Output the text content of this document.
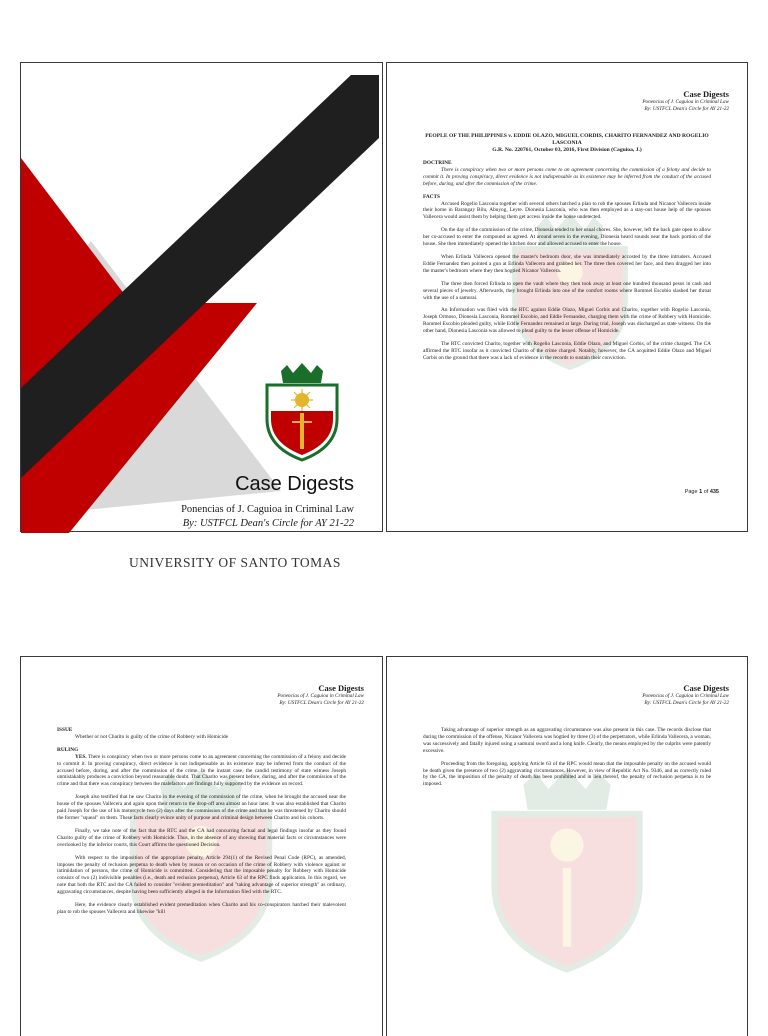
Case Digests
Ponencias of J. Caguioa in Criminal Law
By: USTFCL Dean's Circle for AY 21-22
UNIVERSITY OF SANTO TOMAS
Case Digests
Ponencias of J. Caguioa in Criminal Law
By: USTFCL Dean's Circle for AY 21-22
PEOPLE OF THE PHILIPPINES v. EDDIE OLAZO, MIGUEL CORDIS, CHARITO FERNANDEZ AND ROGELIO LASCONIA
G.R. No. 220761, October 03, 2016, First Division (Caguioa, J.)

DOCTRINE

There is conspiracy when two or more persons come to an agreement concerning the commission of a felony and decide to commit it. In proving conspiracy, direct evidence is not indispensable as its existence may be inferred from the conduct of the accused before, during, and after the commission of the crime.

FACTS

Accused Rogelio Lasconia together with several others hatched a plan to rob the spouses Erlinda and Nicanor Vallecera inside their home in Barangay Bilu, Abuyog, Leyte. Dionesia Lasconia, who was then employed as a stay-out house help of the spouses Vallecera would assist them by helping them get access inside the house undetected.

On the day of the commission of the crime, Dionesia tended to her usual chores. She, however, left the back gate open to allow her co-accused to enter the compound as agreed. At around seven in the evening, Dionesia heard sounds near the back portion of the house. She then immediately opened the kitchen door and allowed accused to enter the house.

When Erlinda Vallecera opened the master's bedroom door, she was immediately accosted by the three intruders. Accused Eddie Fernandez then pointed a gun at Erlinda Vallecera and grabbed her. The three then covered her face, and then dragged her into the master's bedroom where they then hogtied Nicanor Vallecera.

The three then forced Erlinda to open the vault where they then took away at least one hundred thousand pesos in cash and several pieces of jewelry. Afterwards, they brought Erlinda into one of the comfort rooms where Rommel Escobio slashed her throat with the use of a samurai.

An Information was filed with the RTC against Eddie Olazo, Miguel Corbis and Charito, together with Rogelio Lasconia, Joseph Ormoso, Dionesia Lasconia, Rommel Escobio, and Eddie Fernandez, charging them with the crime of Robbery with Homicide. Rommel Escobio pleaded guilty, while Eddie Fernandez remained at large. During trial, Joseph was discharged as state witness. On the other hand, Dionesia Lasconia was allowed to plead guilty to the lesser offense of Homicide.

The RTC convicted Charito, together with Rogelio Lasconia, Eddie Olazo, and Miguel Corbis, of the crime charged. The CA affirmed the RTC insofar as it convicted Charito of the crime charged. Notably, however, the CA acquitted Eddie Olazo and Miguel Corbis on the ground that there was a lack of evidence in the records to sustain their conviction.

Page 1 of 435
Case Digests
Ponencias of J. Caguioa in Criminal Law
By: USTFCL Dean's Circle for AY 21-22

ISSUE

Whether or not Charito is guilty of the crime of Robbery with Homicide

RULING

YES. There is conspiracy when two or more persons come to an agreement concerning the commission of a felony and decide to commit it. In proving conspiracy, direct evidence is not indispensable as its existence may be inferred from the conduct of the accused before, during, and after the commission of the crime. In the instant case, the candid testimony of state witness Joseph unmistakably produces a conviction beyond reasonable doubt. That Charito was present before, during, and after the commission of the crime and that there was conspiracy between the malefactors are findings fully supported by the evidence on record.

Joseph also testified that he saw Charito in the evening of the commission of the crime, when he brought the accused near the house of the spouses Vallecera and again upon their return to the drop-off area almost an hour later. It was also established that Charito paid Joseph for the use of his motorcycle two (2) days after the commission of the crime and that he was threatened by Charito should the former "squeal" on them. These facts clearly evince unity of purpose and criminal design between Charito and his cohorts.

Finally, we take note of the fact that the RTC and the CA had concurring factual and legal findings insofar as they found Charito guilty of the crime of Robbery with Homicide. Thus, in the absence of any showing that material facts or circumstances were overlooked by the inferior courts, this Court affirms the questioned Decision.

With respect to the imposition of the appropriate penalty, Article 294(1) of the Revised Penal Code (RPC), as amended, imposes the penalty of reclusion perpetua to death when by reason or on occasion of the crime of Robbery with violence against or intimidation of persons, the crime of Homicide is committed. Considering that the imposable penalty for Robbery with Homicide consists of two (2) indivisible penalties (i.e., death and reclusion perpetua), Article 63 of the RPC finds application. In this regard, we note that both the RTC and the CA failed to consider "evident premeditation" and "taking advantage of superior strength" as ordinary, aggravating circumstances, despite having been sufficiently alleged in the Information filed with the RTC.

Here, the evidence clearly established evident premeditation when Charito and his co-conspirators hatched their malevolent plan to rob the spouses Vallecera and likewise "kill

Case Digests
Ponencias of J. Caguioa in Criminal Law
By: USTFCL Dean's Circle for AY 21-22

Taking advantage of superior strength as an aggravating circumstance was also present in this case. The records disclose that during the commission of the offense, Nicanor Vallecera was hogtied by three (3) of the perpetrators, while Erlinda Vallecera, a woman, was successively and fatally injured using a samurai sword and a long knife. Clearly, the means employed by the culprits were patently excessive.

Proceeding from the foregoing, applying Article 63 of the RPC would mean that the imposable penalty on the accused would be death given the presence of two (2) aggravating circumstances. However, in view of Republic Act No. 9346, and as correctly ruled by the CA, the imposition of the penalty of death has been prohibited and in lieu thereof, the penalty of reclusion perpetua is to be imposed.
